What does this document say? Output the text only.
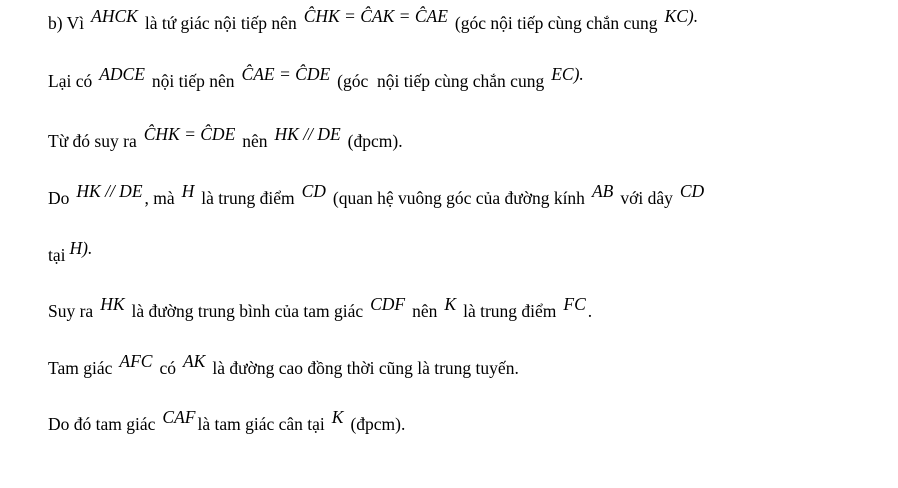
b) Vì AHCK là tứ giác nội tiếp nên ĈHK = ĈAK = ĈAE (góc nội tiếp cùng chắn cung KC).
Lại có ADCE nội tiếp nên ĈAE = ĈDE (góc  nội tiếp cùng chắn cung EC).
Từ đó suy ra ĈHK = ĈDE nên HK // DE (đpcm).
Do HK // DE , mà H là trung điểm CD (quan hệ vuông góc của đường kính AB với dây CD
tại H).
Suy ra HK là đường trung bình của tam giác CDF nên K là trung điểm FC .
Tam giác AFC có AK là đường cao đồng thời cũng là trung tuyến.
Do đó tam giác CAF là tam giác cân tại K (đpcm).
